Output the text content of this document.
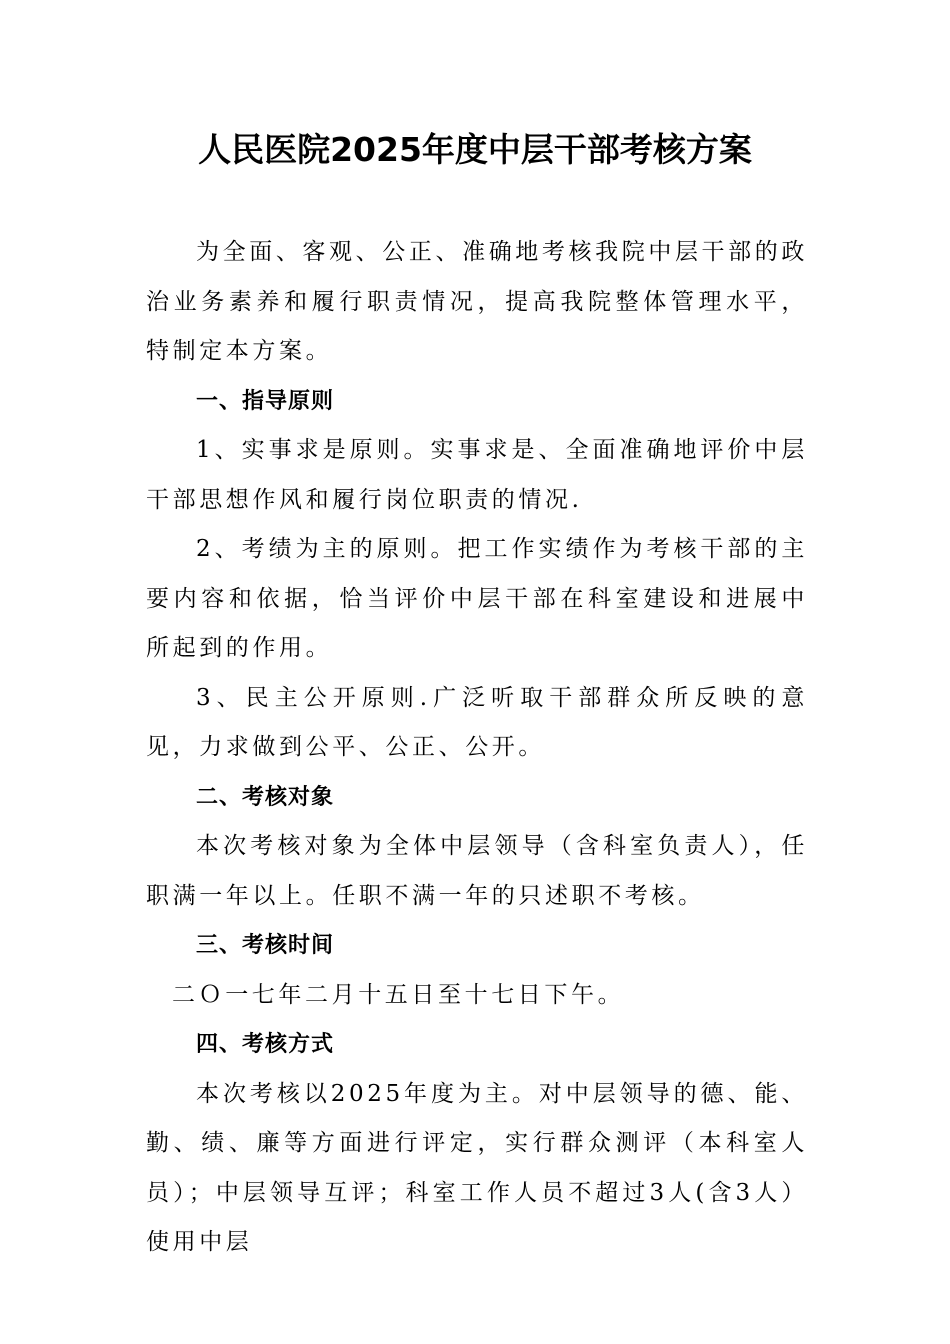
人民医院2025年度中层干部考核方案

为全面、客观、公正、准确地考核我院中层干部的政治业务素养和履行职责情况，提高我院整体管理水平，特制定本方案。

一、指导原则

1、实事求是原则。实事求是、全面准确地评价中层干部思想作风和履行岗位职责的情况.

2、考绩为主的原则。把工作实绩作为考核干部的主要内容和依据，恰当评价中层干部在科室建设和进展中所起到的作用。

3、民主公开原则.广泛听取干部群众所反映的意见，力求做到公平、公正、公开。

二、考核对象

本次考核对象为全体中层领导（含科室负责人），任职满一年以上。任职不满一年的只述职不考核。

三、考核时间

二Ｏ一七年二月十五日至十七日下午。

四、考核方式

本次考核以2025年度为主。对中层领导的德、能、勤、绩、廉等方面进行评定，实行群众测评（本科室人员）；中层领导互评；科室工作人员不超过3人(含3人）使用中层
